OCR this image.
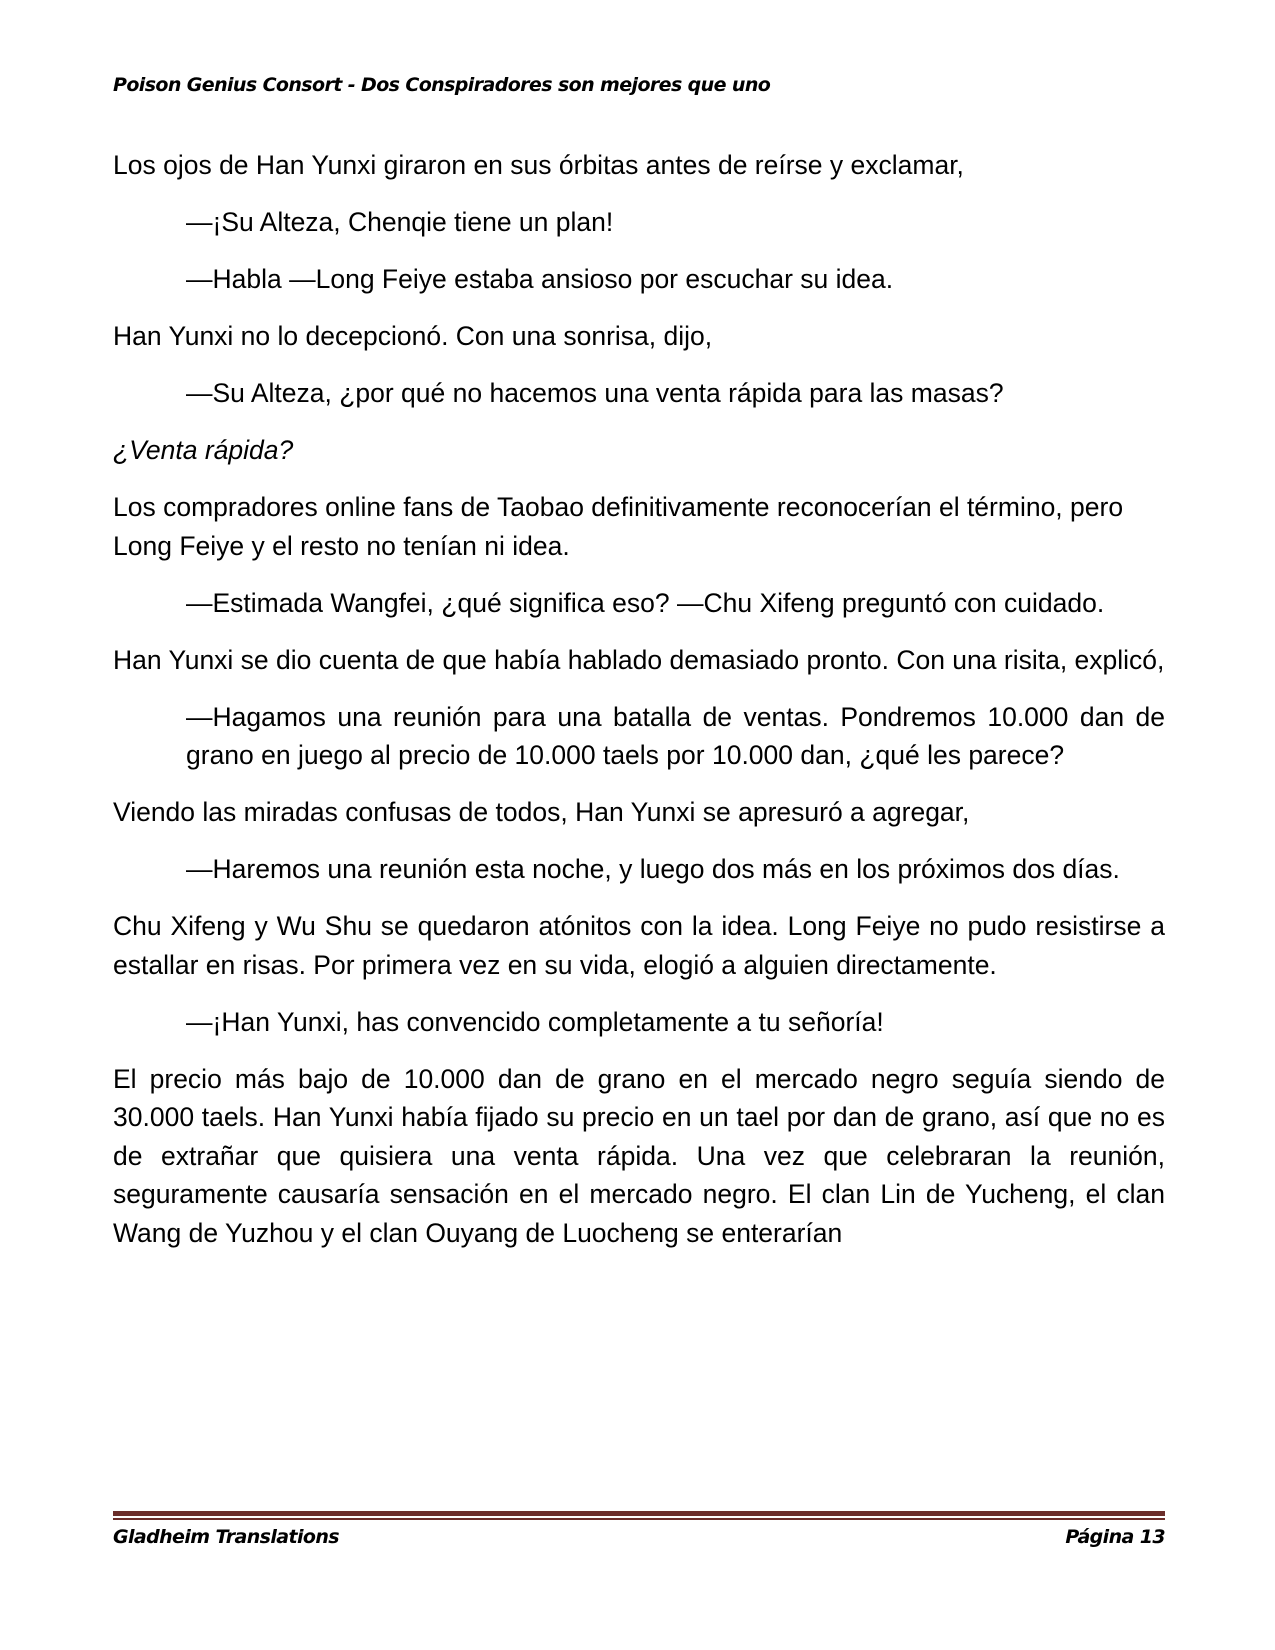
Poison Genius Consort - Dos Conspiradores son mejores que uno

Los ojos de Han Yunxi giraron en sus órbitas antes de reírse y exclamar,

—¡Su Alteza, Chenqie tiene un plan!

—Habla —Long Feiye estaba ansioso por escuchar su idea.

Han Yunxi no lo decepcionó. Con una sonrisa, dijo,

—Su Alteza, ¿por qué no hacemos una venta rápida para las masas?

¿Venta rápida?

Los compradores online fans de Taobao definitivamente reconocerían el término, pero Long Feiye y el resto no tenían ni idea.

—Estimada Wangfei, ¿qué significa eso? —Chu Xifeng preguntó con cuidado.

Han Yunxi se dio cuenta de que había hablado demasiado pronto. Con una risita, explicó,

—Hagamos una reunión para una batalla de ventas. Pondremos 10.000 dan de grano en juego al precio de 10.000 taels por 10.000 dan, ¿qué les parece?

Viendo las miradas confusas de todos, Han Yunxi se apresuró a agregar,

—Haremos una reunión esta noche, y luego dos más en los próximos dos días.

Chu Xifeng y Wu Shu se quedaron atónitos con la idea. Long Feiye no pudo resistirse a estallar en risas. Por primera vez en su vida, elogió a alguien directamente.

—¡Han Yunxi, has convencido completamente a tu señoría!

El precio más bajo de 10.000 dan de grano en el mercado negro seguía siendo de 30.000 taels. Han Yunxi había fijado su precio en un tael por dan de grano, así que no es de extrañar que quisiera una venta rápida. Una vez que celebraran la reunión, seguramente causaría sensación en el mercado negro. El clan Lin de Yucheng, el clan Wang de Yuzhou y el clan Ouyang de Luocheng se enterarían

Gladheim Translations	Página 13
